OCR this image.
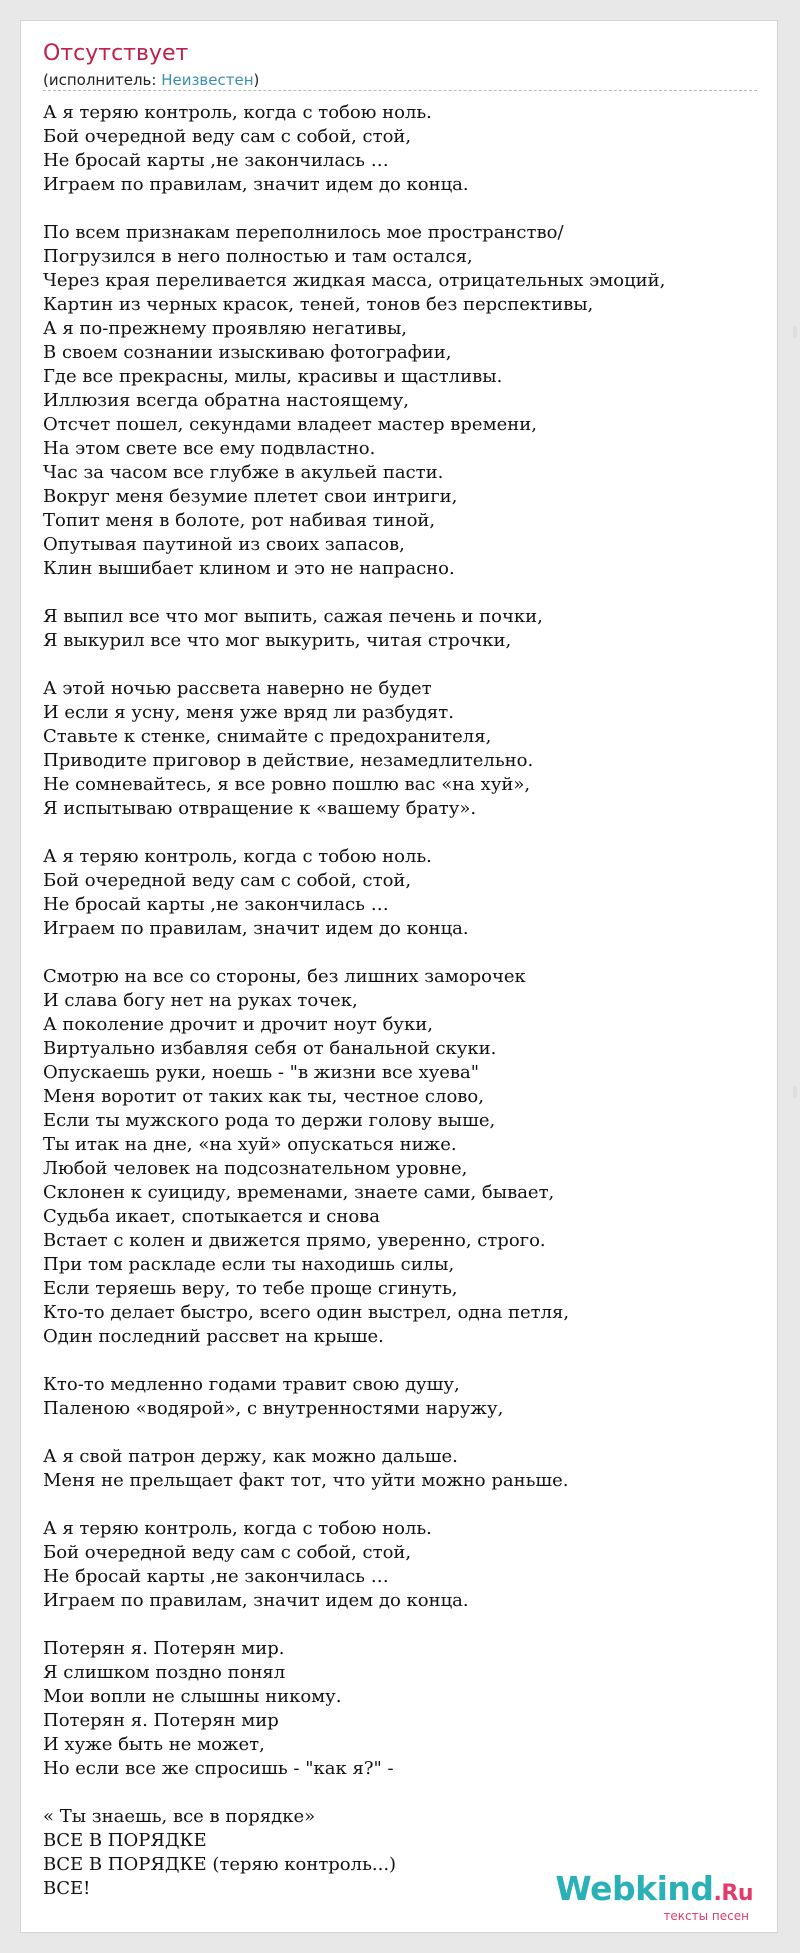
Отсутствует
(исполнитель: Неизвестен)
А я теряю контроль, когда с тобою ноль.
Бой очередной веду сам с собой, стой,
Не бросай карты ,не закончилась …
Играем по правилам, значит идем до конца.

По всем признакам переполнилось мое пространство/
Погрузился в него полностью и там остался,
Через края переливается жидкая масса, отрицательных эмоций,
Картин из черных красок, теней, тонов без перспективы,
А я по-прежнему проявляю негативы,
В своем сознании изыскиваю фотографии,
Где все прекрасны, милы, красивы и щастливы.
Иллюзия всегда обратна настоящему,
Отсчет пошел, секундами владеет мастер времени,
На этом свете все ему подвластно.
Час за часом все глубже в акульей пасти.
Вокруг меня безумие плетет свои интриги,
Топит меня в болоте, рот набивая тиной,
Опутывая паутиной из своих запасов,
Клин вышибает клином и это не напрасно.

Я выпил все что мог выпить, сажая печень и почки,
Я выкурил все что мог выкурить, читая строчки,

А этой ночью рассвета наверно не будет
И если я усну, меня уже вряд ли разбудят.
Ставьте к стенке, снимайте с предохранителя,
Приводите приговор в действие, незамедлительно.
Не сомневайтесь, я все ровно пошлю вас «на хуй»,
Я испытываю отвращение к «вашему брату».

А я теряю контроль, когда с тобою ноль.
Бой очередной веду сам с собой, стой,
Не бросай карты ,не закончилась …
Играем по правилам, значит идем до конца.

Смотрю на все со стороны, без лишних заморочек
И слава богу нет на руках точек,
А поколение дрочит и дрочит ноут буки,
Виртуально избавляя себя от банальной скуки.
Опускаешь руки, ноешь - "в жизни все хуева"
Меня воротит от таких как ты, честное слово,
Если ты мужского рода то держи голову выше,
Ты итак на дне, «на хуй» опускаться ниже.
Любой человек на подсознательном уровне,
Склонен к суициду, временами, знаете сами, бывает,
Судьба икает, спотыкается и снова
Встает с колен и движется прямо, уверенно, строго.
При том раскладе если ты находишь силы,
Если теряешь веру, то тебе проще сгинуть,
Кто-то делает быстро, всего один выстрел, одна петля,
Один последний рассвет на крыше.

Кто-то медленно годами травит свою душу,
Паленою «водярой», с внутренностями наружу,

А я свой патрон держу, как можно дальше.
Меня не прельщает факт тот, что уйти можно раньше.

А я теряю контроль, когда с тобою ноль.
Бой очередной веду сам с собой, стой,
Не бросай карты ,не закончилась …
Играем по правилам, значит идем до конца.

Потерян я. Потерян мир.
Я слишком поздно понял
Мои вопли не слышны никому.
Потерян я. Потерян мир
И хуже быть не может,
Но если все же спросишь - "как я?" -

« Ты знаешь, все в порядке»
ВСЕ В ПОРЯДКЕ
ВСЕ В ПОРЯДКЕ (теряю контроль...)
ВСЕ!	Webkind.Ru
тексты песен
